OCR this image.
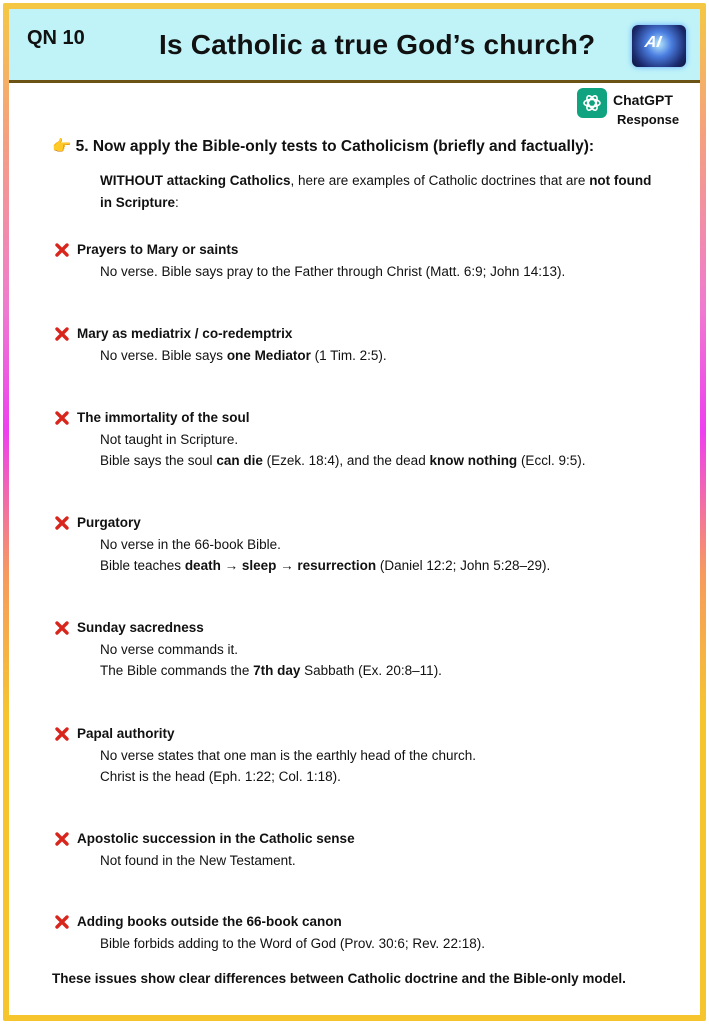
QN 10	Is Catholic a true God’s church?	AI
ChatGPT
Response
👉 5. Now apply the Bible-only tests to Catholicism (briefly and factually):
WITHOUT attacking Catholics, here are examples of Catholic doctrines that are not found in Scripture:
Prayers to Mary or saints
No verse. Bible says pray to the Father through Christ (Matt. 6:9; John 14:13).
Mary as mediatrix / co-redemptrix
No verse. Bible says one Mediator (1 Tim. 2:5).
The immortality of the soul
Not taught in Scripture.
Bible says the soul can die (Ezek. 18:4), and the dead know nothing (Eccl. 9:5).
Purgatory
No verse in the 66-book Bible.
Bible teaches death → sleep → resurrection (Daniel 12:2; John 5:28–29).
Sunday sacredness
No verse commands it.
The Bible commands the 7th day Sabbath (Ex. 20:8–11).
Papal authority
No verse states that one man is the earthly head of the church.
Christ is the head (Eph. 1:22; Col. 1:18).
Apostolic succession in the Catholic sense
Not found in the New Testament.
Adding books outside the 66-book canon
Bible forbids adding to the Word of God (Prov. 30:6; Rev. 22:18).
These issues show clear differences between Catholic doctrine and the Bible-only model.
